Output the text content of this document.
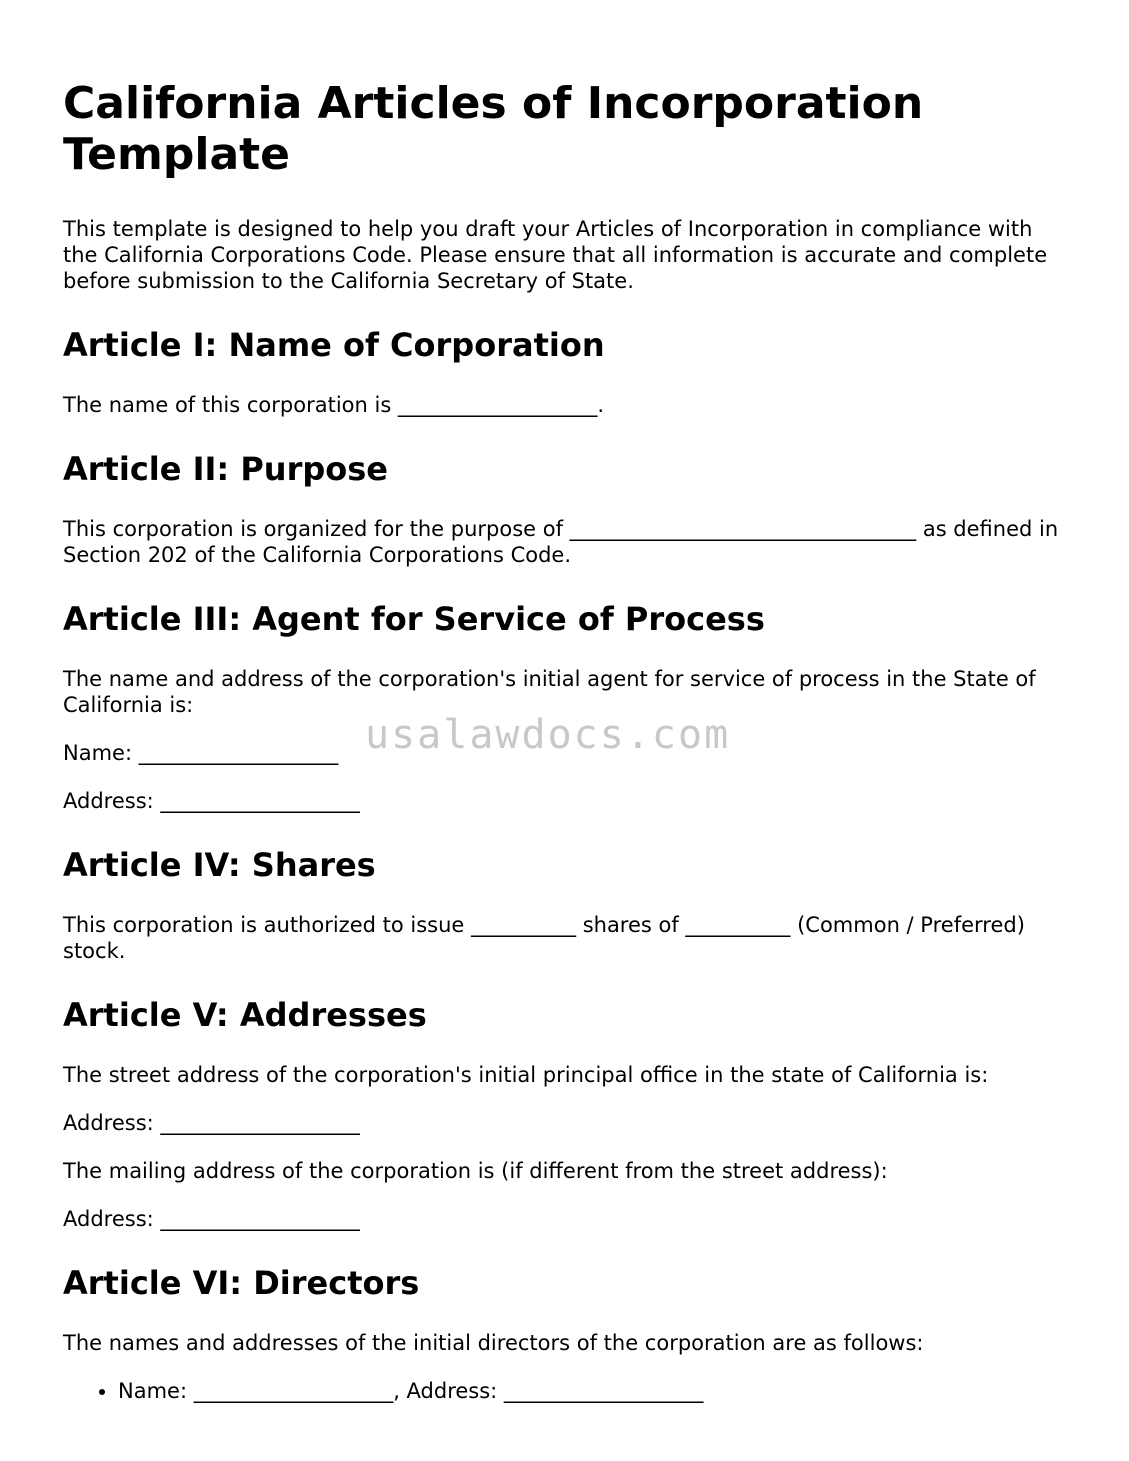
California Articles of Incorporation Template

This template is designed to help you draft your Articles of Incorporation in compliance with the California Corporations Code. Please ensure that all information is accurate and complete before submission to the California Secretary of State.

Article I: Name of Corporation

The name of this corporation is ___________________.

Article II: Purpose

This corporation is organized for the purpose of _________________________________ as defined in Section 202 of the California Corporations Code.

Article III: Agent for Service of Process

The name and address of the corporation's initial agent for service of process in the State of California is:

Name: ___________________

Address: ___________________

Article IV: Shares

This corporation is authorized to issue __________ shares of __________ (Common / Preferred) stock.

Article V: Addresses

The street address of the corporation's initial principal office in the state of California is:

Address: ___________________

The mailing address of the corporation is (if different from the street address):

Address: ___________________

Article VI: Directors

The names and addresses of the initial directors of the corporation are as follows:

• Name: ___________________, Address: ___________________
usalawdocs.com
